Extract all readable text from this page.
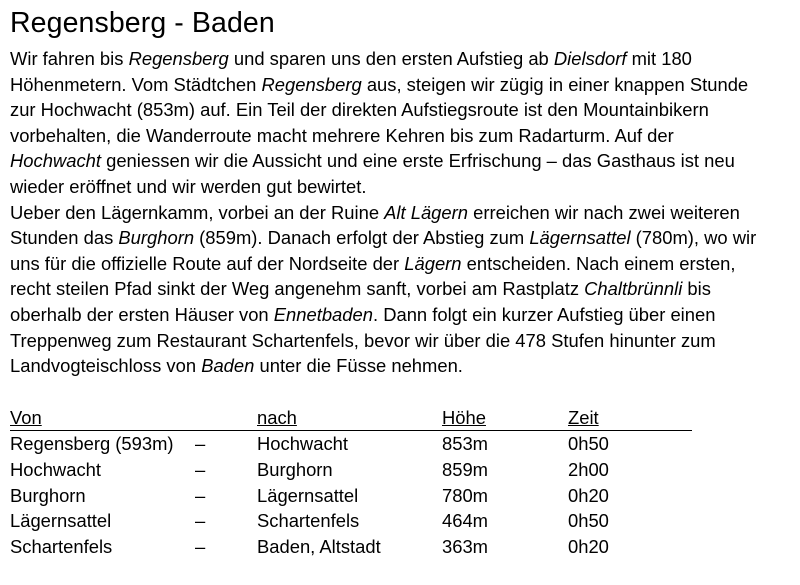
Regensberg - Baden
Wir fahren bis Regensberg und sparen uns den ersten Aufstieg ab Dielsdorf mit 180
Höhenmetern. Vom Städtchen Regensberg aus, steigen wir zügig in einer knappen Stunde
zur Hochwacht (853m) auf. Ein Teil der direkten Aufstiegsroute ist den Mountainbikern
vorbehalten, die Wanderroute macht mehrere Kehren bis zum Radarturm. Auf der
Hochwacht geniessen wir die Aussicht und eine erste Erfrischung – das Gasthaus ist neu
wieder eröffnet und wir werden gut bewirtet.
Ueber den Lägernkamm, vorbei an der Ruine Alt Lägern erreichen wir nach zwei weiteren
Stunden das Burghorn (859m). Danach erfolgt der Abstieg zum Lägernsattel (780m), wo wir
uns für die offizielle Route auf der Nordseite der Lägern entscheiden. Nach einem ersten,
recht steilen Pfad sinkt der Weg angenehm sanft, vorbei am Rastplatz Chaltbrünnli bis
oberhalb der ersten Häuser von Ennetbaden. Dann folgt ein kurzer Aufstieg über einen
Treppenweg zum Restaurant Schartenfels, bevor wir über die 478 Stufen hinunter zum
Landvogteischloss von Baden unter die Füsse nehmen.
Von		nach	Höhe	Zeit
Regensberg (593m)	–	Hochwacht	853m	0h50
Hochwacht	–	Burghorn	859m	2h00
Burghorn	–	Lägernsattel	780m	0h20
Lägernsattel	–	Schartenfels	464m	0h50
Schartenfels	–	Baden, Altstadt	363m	0h20
